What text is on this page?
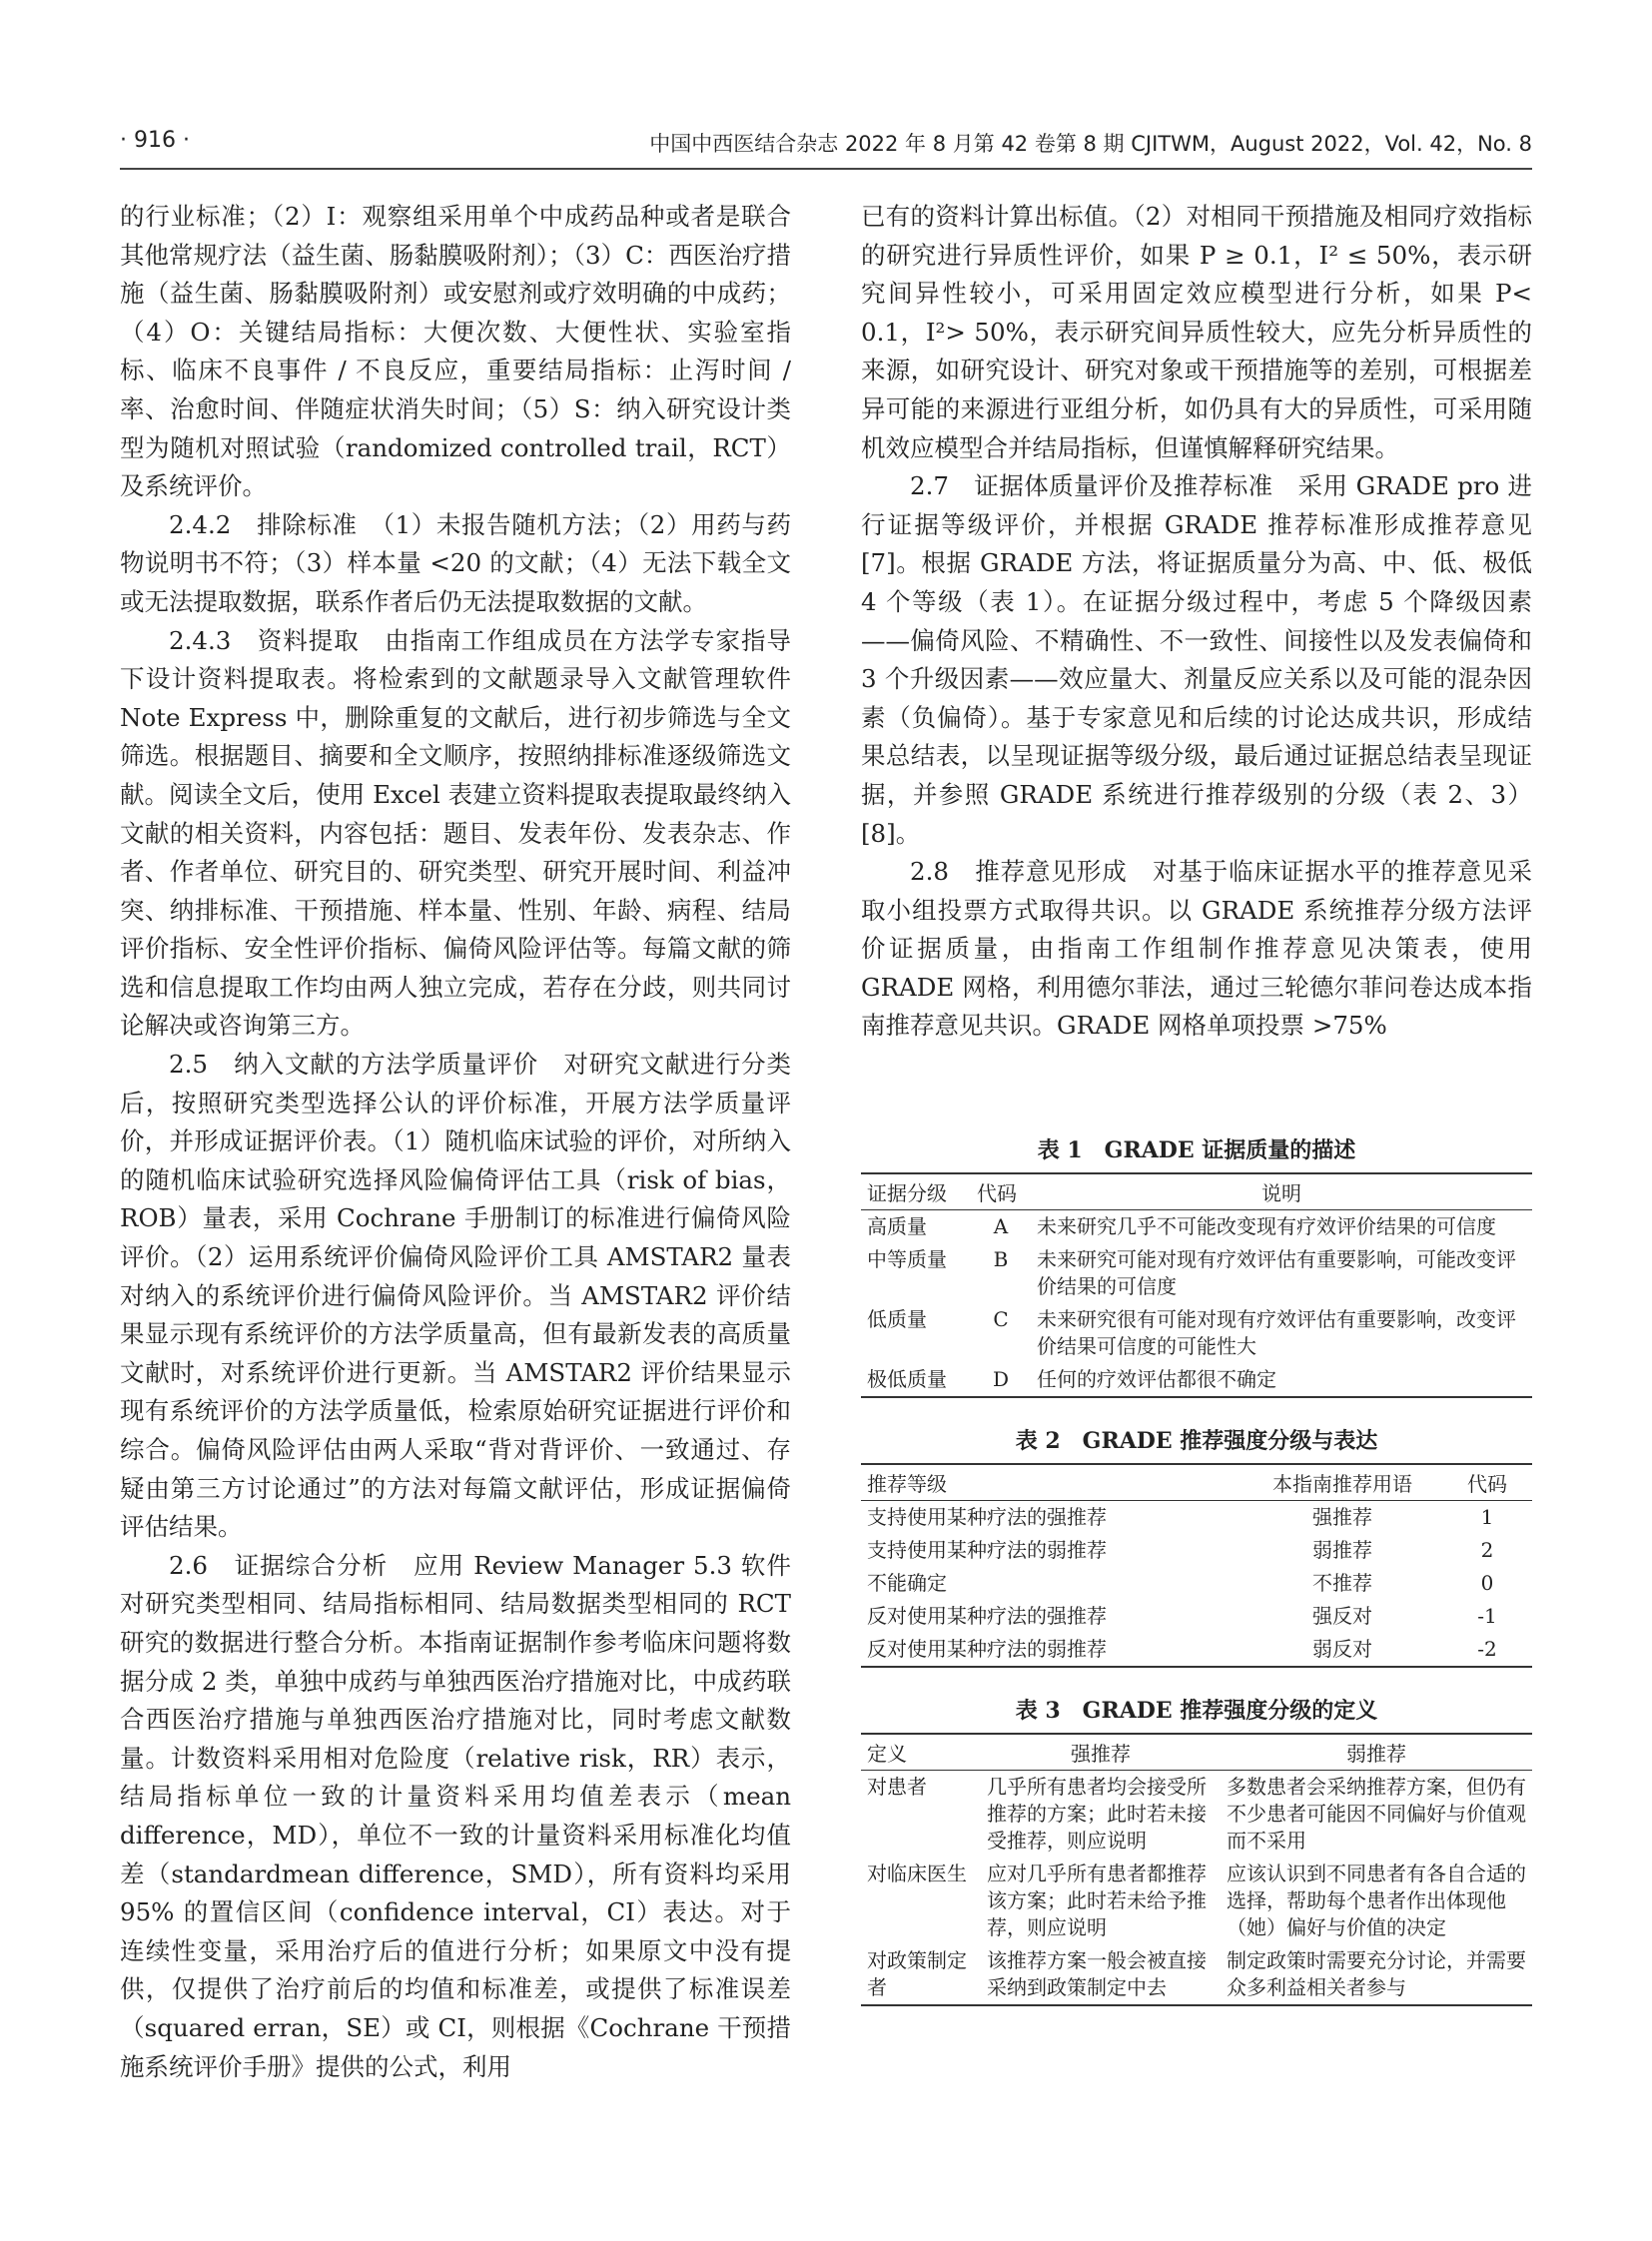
· 916 ·	中国中西医结合杂志 2022 年 8 月第 42 卷第 8 期 CJITWM，August 2022，Vol. 42，No. 8

的行业标准；（2）I：观察组采用单个中成药品种或者是联合其他常规疗法（益生菌、肠黏膜吸附剂）；（3）C：西医治疗措施（益生菌、肠黏膜吸附剂）或安慰剂或疗效明确的中成药；（4）O：关键结局指标：大便次数、大便性状、实验室指标、临床不良事件 / 不良反应，重要结局指标：止泻时间 / 率、治愈时间、伴随症状消失时间；（5）S：纳入研究设计类型为随机对照试验（randomized controlled trail，RCT）及系统评价。

2.4.2　排除标准　（1）未报告随机方法；（2）用药与药物说明书不符；（3）样本量 <20 的文献；（4）无法下载全文或无法提取数据，联系作者后仍无法提取数据的文献。

2.4.3　资料提取　由指南工作组成员在方法学专家指导下设计资料提取表。将检索到的文献题录导入文献管理软件 Note Express 中，删除重复的文献后，进行初步筛选与全文筛选。根据题目、摘要和全文顺序，按照纳排标准逐级筛选文献。阅读全文后，使用 Excel 表建立资料提取表提取最终纳入文献的相关资料，内容包括：题目、发表年份、发表杂志、作者、作者单位、研究目的、研究类型、研究开展时间、利益冲突、纳排标准、干预措施、样本量、性别、年龄、病程、结局评价指标、安全性评价指标、偏倚风险评估等。每篇文献的筛选和信息提取工作均由两人独立完成，若存在分歧，则共同讨论解决或咨询第三方。

2.5　纳入文献的方法学质量评价　对研究文献进行分类后，按照研究类型选择公认的评价标准，开展方法学质量评价，并形成证据评价表。（1）随机临床试验的评价，对所纳入的随机临床试验研究选择风险偏倚评估工具（risk of bias，ROB）量表，采用 Cochrane 手册制订的标准进行偏倚风险评价。（2）运用系统评价偏倚风险评价工具 AMSTAR2 量表对纳入的系统评价进行偏倚风险评价。当 AMSTAR2 评价结果显示现有系统评价的方法学质量高，但有最新发表的高质量文献时，对系统评价进行更新。当 AMSTAR2 评价结果显示现有系统评价的方法学质量低，检索原始研究证据进行评价和综合。偏倚风险评估由两人采取“背对背评价、一致通过、存疑由第三方讨论通过”的方法对每篇文献评估，形成证据偏倚评估结果。

2.6　证据综合分析　应用 Review Manager 5.3 软件对研究类型相同、结局指标相同、结局数据类型相同的 RCT 研究的数据进行整合分析。本指南证据制作参考临床问题将数据分成 2 类，单独中成药与单独西医治疗措施对比，中成药联合西医治疗措施与单独西医治疗措施对比，同时考虑文献数量。计数资料采用相对危险度（relative risk，RR）表示，结局指标单位一致的计量资料采用均值差表示（mean difference，MD），单位不一致的计量资料采用标准化均值差（standardmean difference，SMD），所有资料均采用 95% 的置信区间（confidence interval，CI）表达。对于连续性变量，采用治疗后的值进行分析；如果原文中没有提供，仅提供了治疗前后的均值和标准差，或提供了标准误差（squared erran，SE）或 CI，则根据《Cochrane 干预措施系统评价手册》提供的公式，利用

已有的资料计算出标值。（2）对相同干预措施及相同疗效指标的研究进行异质性评价，如果 P ≥ 0.1，I² ≤ 50%，表示研究间异性较小，可采用固定效应模型进行分析，如果 P< 0.1，I²> 50%，表示研究间异质性较大，应先分析异质性的来源，如研究设计、研究对象或干预措施等的差别，可根据差异可能的来源进行亚组分析，如仍具有大的异质性，可采用随机效应模型合并结局指标，但谨慎解释研究结果。

2.7　证据体质量评价及推荐标准　采用 GRADE pro 进行证据等级评价，并根据 GRADE 推荐标准形成推荐意见 [7]。根据 GRADE 方法，将证据质量分为高、中、低、极低 4 个等级（表 1）。在证据分级过程中，考虑 5 个降级因素——偏倚风险、不精确性、不一致性、间接性以及发表偏倚和 3 个升级因素——效应量大、剂量反应关系以及可能的混杂因素（负偏倚）。基于专家意见和后续的讨论达成共识，形成结果总结表，以呈现证据等级分级，最后通过证据总结表呈现证据，并参照 GRADE 系统进行推荐级别的分级（表 2、3）[8]。

2.8　推荐意见形成　对基于临床证据水平的推荐意见采取小组投票方式取得共识。以 GRADE 系统推荐分级方法评价证据质量，由指南工作组制作推荐意见决策表，使用 GRADE 网格，利用德尔菲法，通过三轮德尔菲问卷达成本指南推荐意见共识。GRADE 网格单项投票 >75%

表 1　GRADE 证据质量的描述
证据分级	代码	说明
高质量	A	未来研究几乎不可能改变现有疗效评价结果的可信度
中等质量	B	未来研究可能对现有疗效评估有重要影响，可能改变评价结果的可信度
低质量	C	未来研究很有可能对现有疗效评估有重要影响，改变评价结果可信度的可能性大
极低质量	D	任何的疗效评估都很不确定
表 2　GRADE 推荐强度分级与表达
推荐等级	本指南推荐用语	代码
支持使用某种疗法的强推荐	强推荐	1
支持使用某种疗法的弱推荐	弱推荐	2
不能确定	不推荐	0
反对使用某种疗法的强推荐	强反对	-1
反对使用某种疗法的弱推荐	弱反对	-2
表 3　GRADE 推荐强度分级的定义
定义	强推荐	弱推荐
对患者	几乎所有患者均会接受所推荐的方案；此时若未接受推荐，则应说明	多数患者会采纳推荐方案，但仍有不少患者可能因不同偏好与价值观而不采用
对临床医生	应对几乎所有患者都推荐该方案；此时若未给予推荐，则应说明	应该认识到不同患者有各自合适的选择，帮助每个患者作出体现他（她）偏好与价值的决定
对政策制定者	该推荐方案一般会被直接采纳到政策制定中去	制定政策时需要充分讨论，并需要众多利益相关者参与
